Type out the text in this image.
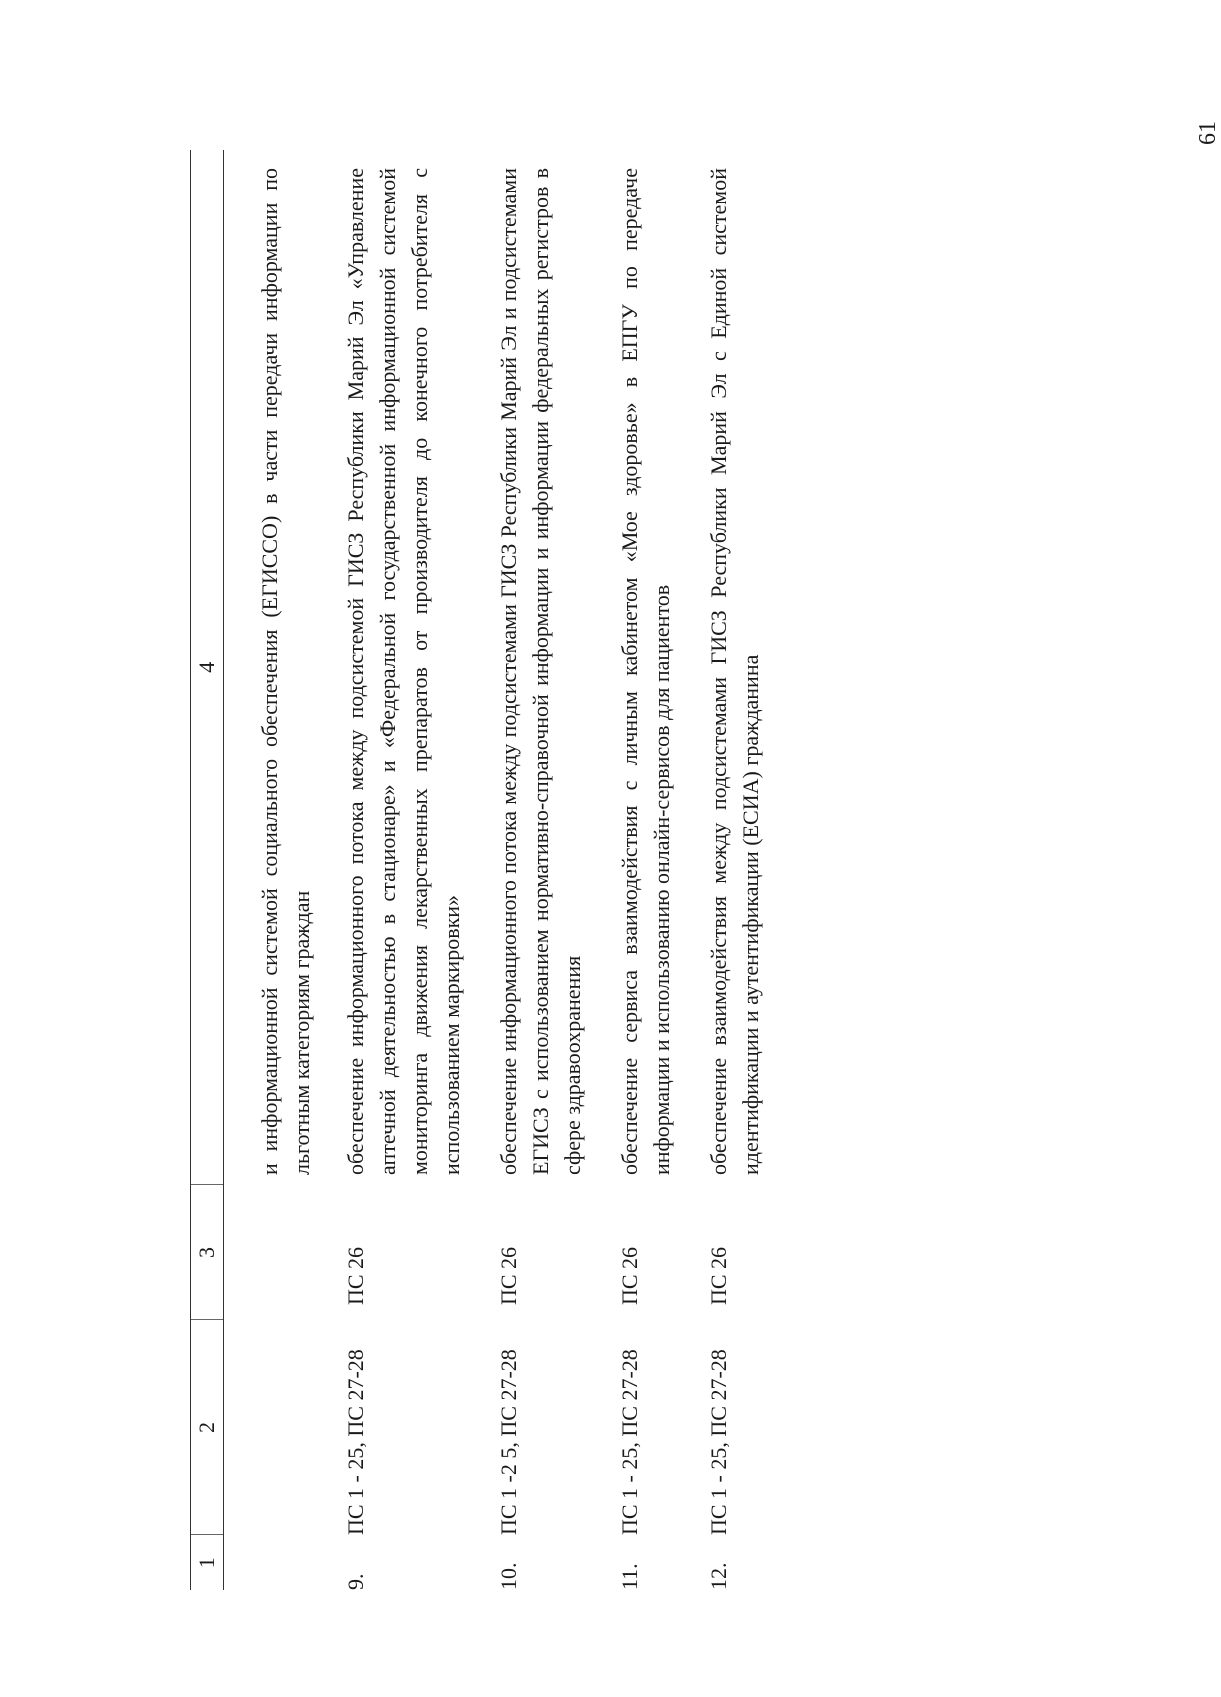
61
1	2	3	4
			и информационной системой социального обеспечения (ЕГИССО) в части передачи информации по льготным категориям граждан
9.	ПС 1 - 25, ПС 27-28	ПС 26	обеспечение информационного потока между подсистемой ГИСЗ Республики Марий Эл «Управление аптечной деятельностью в стационаре» и «Федеральной государственной информационной системой мониторинга движения лекарственных препаратов от производителя до конечного потребителя с использованием маркировки»
10.	ПС 1 -2 5, ПС 27-28	ПС 26	обеспечение информационного потока между подсистемами ГИСЗ Республики Марий Эл и подсистемами ЕГИСЗ с использованием нормативно-справочной информации и информации федеральных регистров в сфере здравоохранения
11.	ПС 1 - 25, ПС 27-28	ПС 26	обеспечение сервиса взаимодействия с личным кабинетом «Мое здоровье» в ЕПГУ по передаче информации и использованию онлайн-сервисов для пациентов
12.	ПС 1 - 25, ПС 27-28	ПС 26	обеспечение взаимодействия между подсистемами ГИСЗ Республики Марий Эл с Единой системой идентификации и аутентификации (ЕСИА) гражданина
